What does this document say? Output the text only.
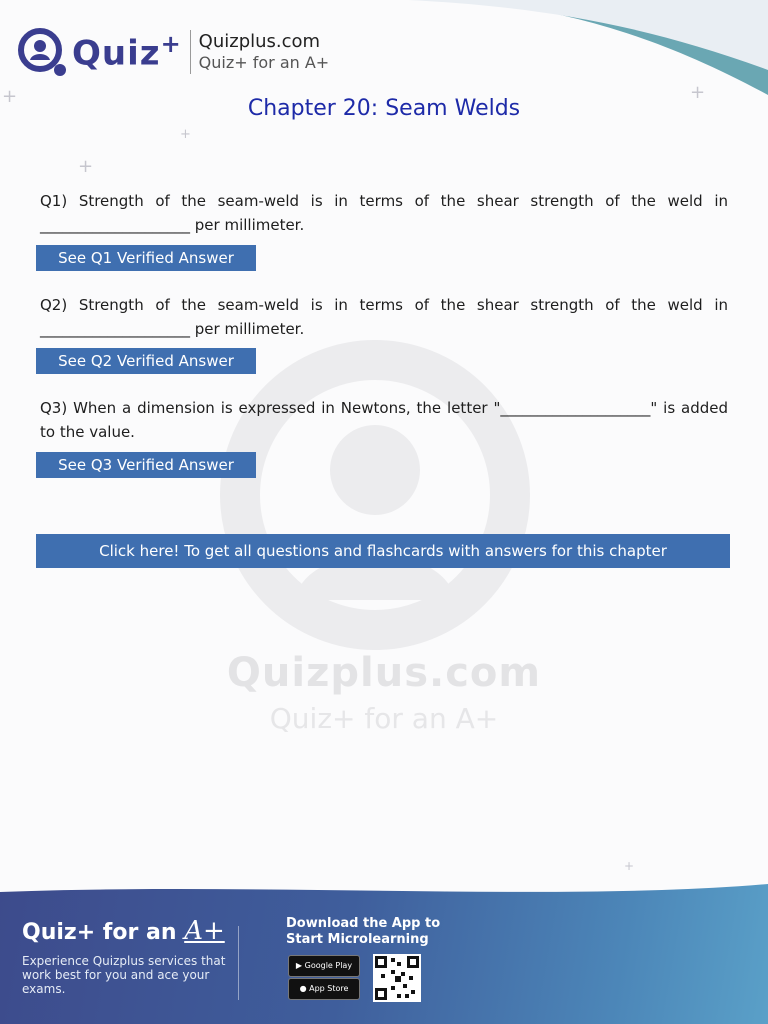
Quizplus.com
Quiz+ for an A+
Quiz+ Quizplus.com
Quiz+ for an A+
+	+
+
+
Chapter 20: Seam Welds
Q1) Strength of the seam-weld is in terms of the shear strength of the weld in ____________________ per millimeter.
See Q1 Verified Answer
Q2) Strength of the seam-weld is in terms of the shear strength of the weld in ____________________ per millimeter.
See Q2 Verified Answer
Q3) When a dimension is expressed in Newtons, the letter "____________________" is added to the value.
See Q3 Verified Answer
Click here! To get all questions and flashcards with answers for this chapter
+
Quiz+ for an A+
Experience Quizplus services that work best for you and ace your exams.
Download the App to Start Microlearning
▶ Google Play
● App Store
